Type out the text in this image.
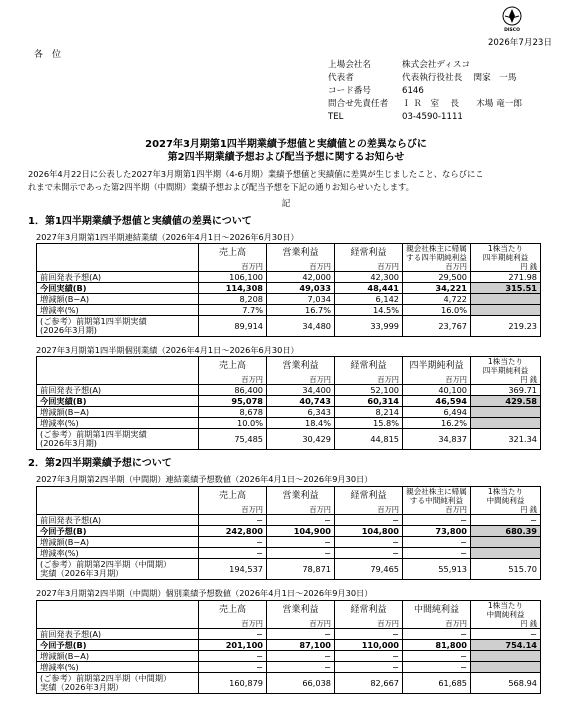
DISCO
2026年7月23日
各　位
上場会社名	株式会社ディスコ
代表者	代表執行役社長　 関家　一馬
コード番号	6146
問合せ先責任者	Ｉ Ｒ　室　 長　　木場 竜一郎
TEL	03-4590-1111
2027年3月期第1四半期業績予想値と実績値との差異ならびに
第2四半期業績予想および配当予想に関するお知らせ
2026年4月22日に公表した2027年3月期第1四半期（4-6月期）業績予想値と実績値に差異が生じましたこと、ならびにこ
れまで未開示であった第2四半期（中間期）業績予想および配当予想を下記の通りお知らせいたします。
記
1．第1四半期業績予想値と実績値の差異について
2027年3月期第1四半期連結業績（2026年4月1日～2026年6月30日）
	売上高	営業利益	経常利益	親会社株主に帰属
する四半期純利益	1株当たり
四半期純利益
	百万円	百万円	百万円	百万円	円 銭
前回発表予想(A)	106,100	42,000	42,300	29,500	271.98
今回実績(B)	114,308	49,033	48,441	34,221	315.51
増減額(B−A)	8,208	7,034	6,142	4,722	
増減率(%)	7.7%	16.7%	14.5%	16.0%	
(ご参考）前期第1四半期実績
(2026年3月期)	89,914	34,480	33,999	23,767	219.23
2027年3月期第1四半期個別業績（2026年4月1日～2026年6月30日）
	売上高	営業利益	経常利益	四半期純利益	1株当たり
四半期純利益
	百万円	百万円	百万円	百万円	円 銭
前回発表予想(A)	86,400	34,400	52,100	40,100	369.71
今回実績(B)	95,078	40,743	60,314	46,594	429.58
増減額(B−A)	8,678	6,343	8,214	6,494	
増減率(%)	10.0%	18.4%	15.8%	16.2%	
(ご参考）前期第1四半期実績
(2026年3月期)	75,485	30,429	44,815	34,837	321.34
2．第2四半期業績予想について
2027年3月期第2四半期（中間期）連結業績予想数値（2026年4月1日～2026年9月30日）
	売上高	営業利益	経常利益	親会社株主に帰属
する中間純利益	1株当たり
中間純利益
	百万円	百万円	百万円	百万円	円 銭
前回発表予想(A)	−	−	−	−	−
今回予想(B)	242,800	104,900	104,800	73,800	680.39
増減額(B−A)	−	−	−	−	
増減率(%)	−	−	−	−	
(ご参考）前期第2四半期（中間期）
実績（2026年3月期）	194,537	78,871	79,465	55,913	515.70
2027年3月期第2四半期（中間期）個別業績予想数値（2026年4月1日～2026年9月30日）
	売上高	営業利益	経常利益	中間純利益	1株当たり
中間純利益
	百万円	百万円	百万円	百万円	円 銭
前回発表予想(A)	−	−	−	−	−
今回予想(B)	201,100	87,100	110,000	81,800	754.14
増減額(B−A)	−	−	−	−	
増減率(%)	−	−	−	−	
(ご参考）前期第2四半期（中間期）
実績（2026年3月期）	160,879	66,038	82,667	61,685	568.94
